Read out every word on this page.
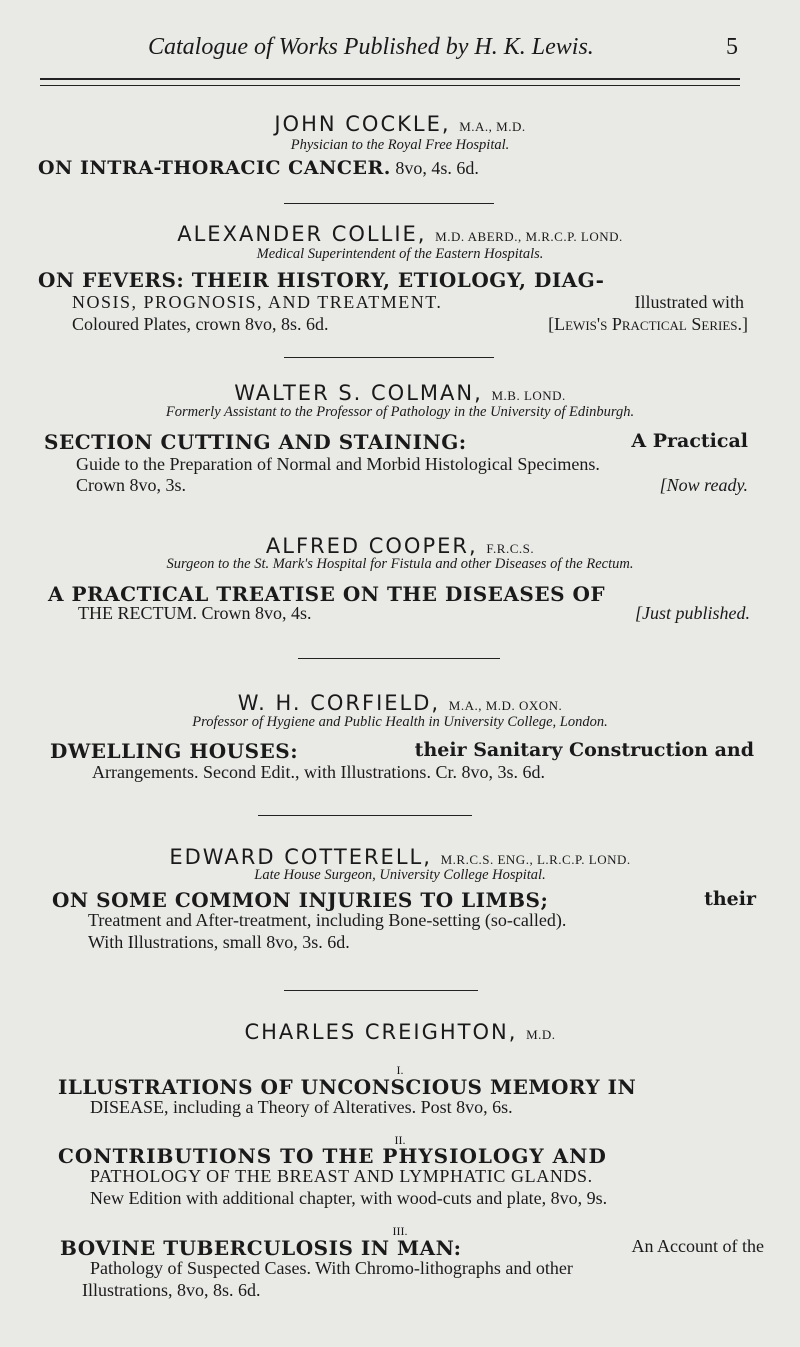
Catalogue of Works Published by H. K. Lewis.	5
JOHN COCKLE, M.A., M.D.
Physician to the Royal Free Hospital.
ON INTRA-THORACIC CANCER. 8vo, 4s. 6d.
ALEXANDER COLLIE, M.D. ABERD., M.R.C.P. LOND.
Medical Superintendent of the Eastern Hospitals.
ON FEVERS: THEIR HISTORY, ETIOLOGY, DIAG-
NOSIS, PROGNOSIS, AND TREATMENT.	Illustrated with
Coloured Plates, crown 8vo, 8s. 6d.	[Lewis's Practical Series.]
WALTER S. COLMAN, M.B. LOND.
Formerly Assistant to the Professor of Pathology in the University of Edinburgh.
SECTION CUTTING AND STAINING:	A Practical
Guide to the Preparation of Normal and Morbid Histological Specimens.
Crown 8vo, 3s.	[Now ready.
ALFRED COOPER, F.R.C.S.
Surgeon to the St. Mark's Hospital for Fistula and other Diseases of the Rectum.
A PRACTICAL TREATISE ON THE DISEASES OF
THE RECTUM. Crown 8vo, 4s.	[Just published.
W. H. CORFIELD, M.A., M.D. OXON.
Professor of Hygiene and Public Health in University College, London.
DWELLING HOUSES:	their Sanitary Construction and
Arrangements. Second Edit., with Illustrations. Cr. 8vo, 3s. 6d.
EDWARD COTTERELL, M.R.C.S. ENG., L.R.C.P. LOND.
Late House Surgeon, University College Hospital.
ON SOME COMMON INJURIES TO LIMBS;	their
Treatment and After-treatment, including Bone-setting (so-called).
With Illustrations, small 8vo, 3s. 6d.
CHARLES CREIGHTON, M.D.
I.
ILLUSTRATIONS OF UNCONSCIOUS MEMORY IN
DISEASE, including a Theory of Alteratives. Post 8vo, 6s.
II.
CONTRIBUTIONS TO THE PHYSIOLOGY AND
PATHOLOGY OF THE BREAST AND LYMPHATIC GLANDS.
New Edition with additional chapter, with wood-cuts and plate, 8vo, 9s.
III.
BOVINE TUBERCULOSIS IN MAN:	An Account of the
Pathology of Suspected Cases. With Chromo-lithographs and other
Illustrations, 8vo, 8s. 6d.
